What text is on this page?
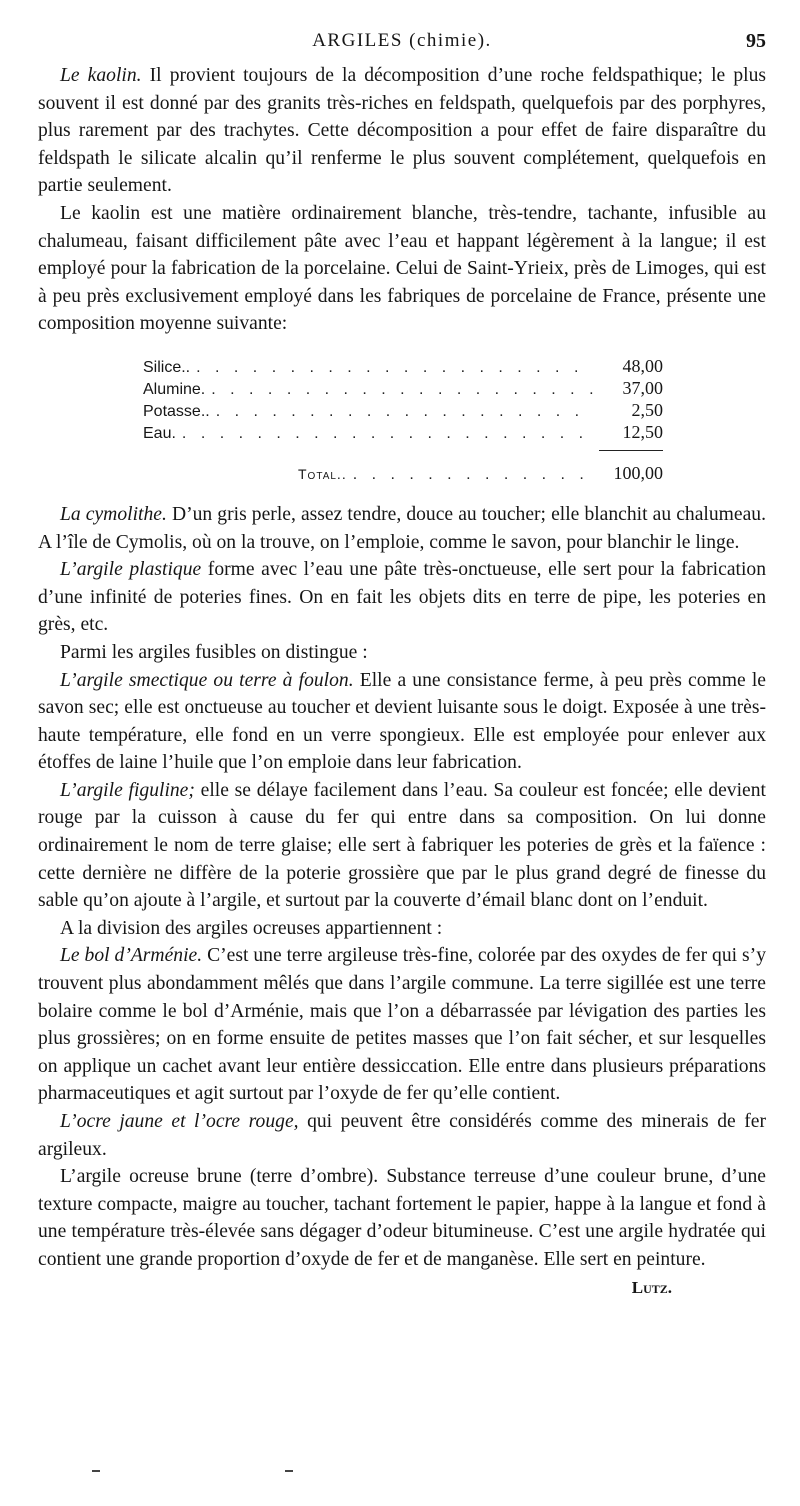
ARGILES (chimie).	95

Le kaolin. Il provient toujours de la décomposition d’une roche feldspathique; le plus souvent il est donné par des granits très-riches en feldspath, quelquefois par des porphyres, plus rarement par des trachytes. Cette décomposition a pour effet de faire disparaître du feldspath le silicate alcalin qu’il renferme le plus souvent complétement, quelquefois en partie seulement.

Le kaolin est une matière ordinairement blanche, très-tendre, tachante, infusible au chalumeau, faisant difficilement pâte avec l’eau et happant légèrement à la langue; il est employé pour la fabrication de la porcelaine. Celui de Saint-Yrieix, près de Limoges, qui est à peu près exclusivement employé dans les fabriques de porcelaine de France, présente une composition moyenne suivante:

Silice.. . . .	48,00
Alumine. . . .	37,00
Potasse.. . . .	2,50
Eau. . . .	12,50
Total.. . . .	100,00

La cymolithe. D’un gris perle, assez tendre, douce au toucher; elle blanchit au chalumeau. A l’île de Cymolis, où on la trouve, on l’emploie, comme le savon, pour blanchir le linge.

L’argile plastique forme avec l’eau une pâte très-onctueuse, elle sert pour la fabrication d’une infinité de poteries fines. On en fait les objets dits en terre de pipe, les poteries en grès, etc.

Parmi les argiles fusibles on distingue :

L’argile smectique ou terre à foulon. Elle a une consistance ferme, à peu près comme le savon sec; elle est onctueuse au toucher et devient luisante sous le doigt. Exposée à une très-haute température, elle fond en un verre spongieux. Elle est employée pour enlever aux étoffes de laine l’huile que l’on emploie dans leur fabrication.

L’argile figuline; elle se délaye facilement dans l’eau. Sa couleur est foncée; elle devient rouge par la cuisson à cause du fer qui entre dans sa composition. On lui donne ordinairement le nom de terre glaise; elle sert à fabriquer les poteries de grès et la faïence : cette dernière ne diffère de la poterie grossière que par le plus grand degré de finesse du sable qu’on ajoute à l’argile, et surtout par la couverte d’émail blanc dont on l’enduit.

A la division des argiles ocreuses appartiennent :

Le bol d’Arménie. C’est une terre argileuse très-fine, colorée par des oxydes de fer qui s’y trouvent plus abondamment mêlés que dans l’argile commune. La terre sigillée est une terre bolaire comme le bol d’Arménie, mais que l’on a débarrassée par lévigation des parties les plus grossières; on en forme ensuite de petites masses que l’on fait sécher, et sur lesquelles on applique un cachet avant leur entière dessiccation. Elle entre dans plusieurs préparations pharmaceutiques et agit surtout par l’oxyde de fer qu’elle contient.

L’ocre jaune et l’ocre rouge, qui peuvent être considérés comme des minerais de fer argileux.

L’argile ocreuse brune (terre d’ombre). Substance terreuse d’une couleur brune, d’une texture compacte, maigre au toucher, tachant fortement le papier, happe à la langue et fond à une température très-élevée sans dégager d’odeur bitumineuse. C’est une argile hydratée qui contient une grande proportion d’oxyde de fer et de manganèse. Elle sert en peinture.

Lutz.
